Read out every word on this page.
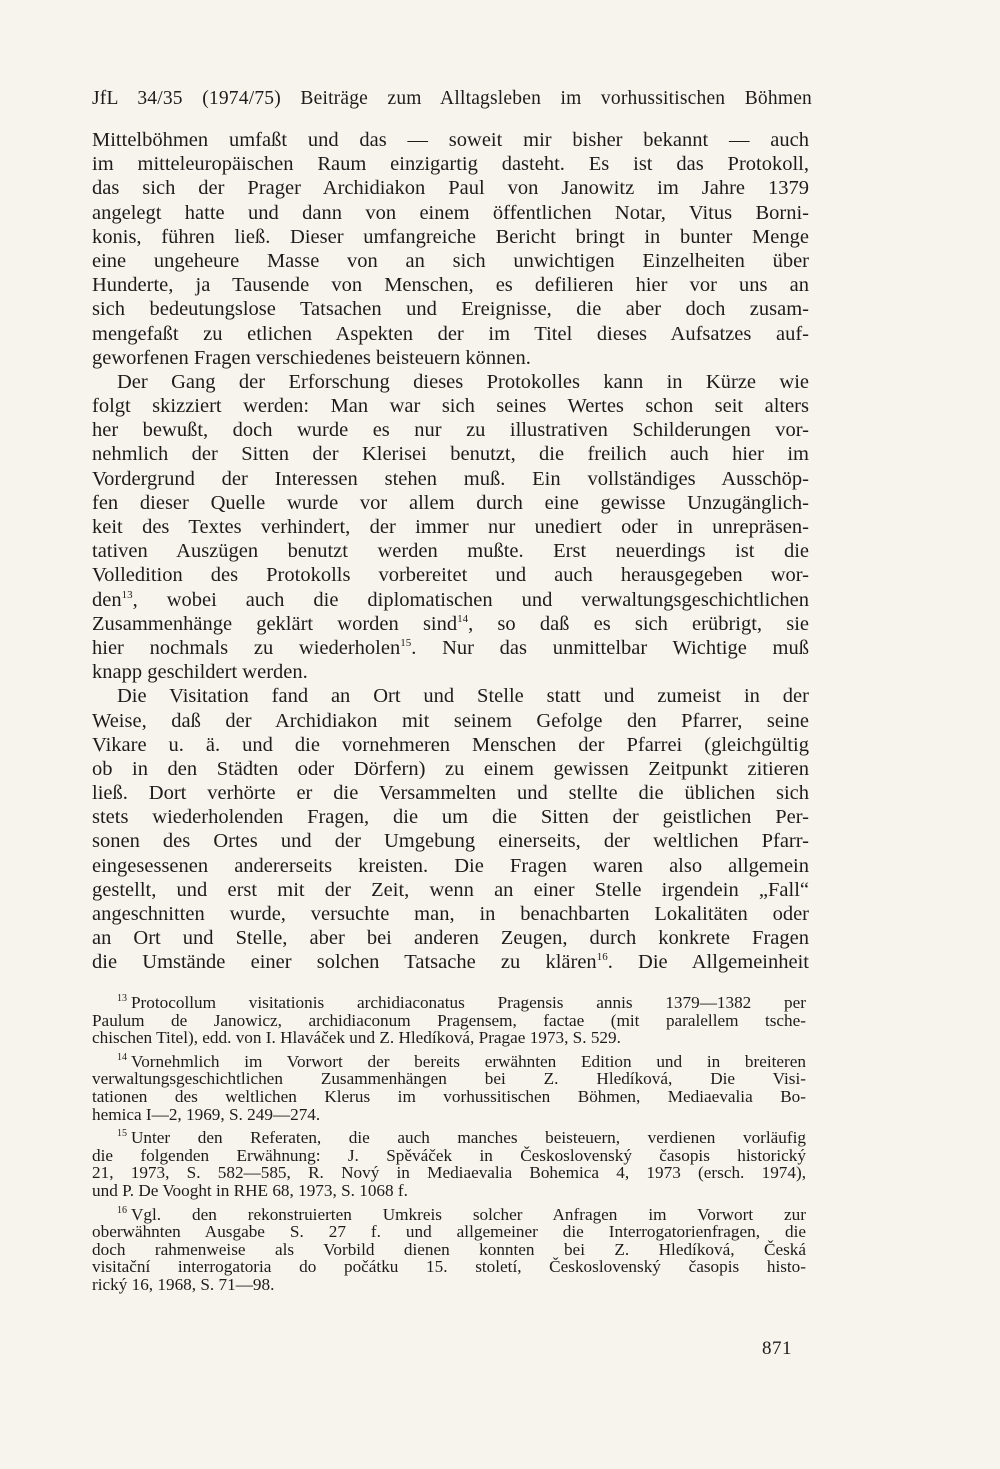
JfL 34/35 (1974/75) Beiträge zum Alltagsleben im vorhussitischen Böhmen
Mittelböhmen umfaßt und das — soweit mir bisher bekannt — auch
im mitteleuropäischen Raum einzigartig dasteht. Es ist das Protokoll,
das sich der Prager Archidiakon Paul von Janowitz im Jahre 1379
angelegt hatte und dann von einem öffentlichen Notar, Vitus Borni-
konis, führen ließ. Dieser umfangreiche Bericht bringt in bunter Menge
eine ungeheure Masse von an sich unwichtigen Einzelheiten über
Hunderte, ja Tausende von Menschen, es defilieren hier vor uns an
sich bedeutungslose Tatsachen und Ereignisse, die aber doch zusam-
mengefaßt zu etlichen Aspekten der im Titel dieses Aufsatzes auf-
geworfenen Fragen verschiedenes beisteuern können.
Der Gang der Erforschung dieses Protokolles kann in Kürze wie
folgt skizziert werden: Man war sich seines Wertes schon seit alters
her bewußt, doch wurde es nur zu illustrativen Schilderungen vor-
nehmlich der Sitten der Klerisei benutzt, die freilich auch hier im
Vordergrund der Interessen stehen muß. Ein vollständiges Ausschöp-
fen dieser Quelle wurde vor allem durch eine gewisse Unzugänglich-
keit des Textes verhindert, der immer nur unediert oder in unrepräsen-
tativen Auszügen benutzt werden mußte. Erst neuerdings ist die
Volledition des Protokolls vorbereitet und auch herausgegeben wor-
den$^{13}$, wobei auch die diplomatischen und verwaltungsgeschichtlichen
Zusammenhänge geklärt worden sind$^{14}$, so daß es sich erübrigt, sie
hier nochmals zu wiederholen$^{15}$. Nur das unmittelbar Wichtige muß
knapp geschildert werden.
Die Visitation fand an Ort und Stelle statt und zumeist in der
Weise, daß der Archidiakon mit seinem Gefolge den Pfarrer, seine
Vikare u. ä. und die vornehmeren Menschen der Pfarrei (gleichgültig
ob in den Städten oder Dörfern) zu einem gewissen Zeitpunkt zitieren
ließ. Dort verhörte er die Versammelten und stellte die üblichen sich
stets wiederholenden Fragen, die um die Sitten der geistlichen Per-
sonen des Ortes und der Umgebung einerseits, der weltlichen Pfarr-
eingesessenen andererseits kreisten. Die Fragen waren also allgemein
gestellt, und erst mit der Zeit, wenn an einer Stelle irgendein „Fall“
angeschnitten wurde, versuchte man, in benachbarten Lokalitäten oder
an Ort und Stelle, aber bei anderen Zeugen, durch konkrete Fragen
die Umstände einer solchen Tatsache zu klären$^{16}$. Die Allgemeinheit
$^{13}$ Protocollum visitationis archidiaconatus Pragensis annis 1379—1382 per
Paulum de Janowicz, archidiaconum Pragensem, factae (mit paralellem tsche-
chischen Titel), edd. von I. Hlaváček und Z. Hledíková, Pragae 1973, S. 529.
$^{14}$ Vornehmlich im Vorwort der bereits erwähnten Edition und in breiteren
verwaltungsgeschichtlichen Zusammenhängen bei Z. Hledíková, Die Visi-
tationen des weltlichen Klerus im vorhussitischen Böhmen, Mediaevalia Bo-
hemica I—2, 1969, S. 249—274.
$^{15}$ Unter den Referaten, die auch manches beisteuern, verdienen vorläufig
die folgenden Erwähnung: J. Spěváček in Československý časopis historický
21, 1973, S. 582—585, R. Nový in Mediaevalia Bohemica 4, 1973 (ersch. 1974),
und P. De Vooght in RHE 68, 1973, S. 1068 f.
$^{16}$ Vgl. den rekonstruierten Umkreis solcher Anfragen im Vorwort zur
oberwähnten Ausgabe S. 27 f. und allgemeiner die Interrogatorienfragen, die
doch rahmenweise als Vorbild dienen konnten bei Z. Hledíková, Česká
visitační interrogatoria do počátku 15. století, Československý časopis histo-
rický 16, 1968, S. 71—98.
871
